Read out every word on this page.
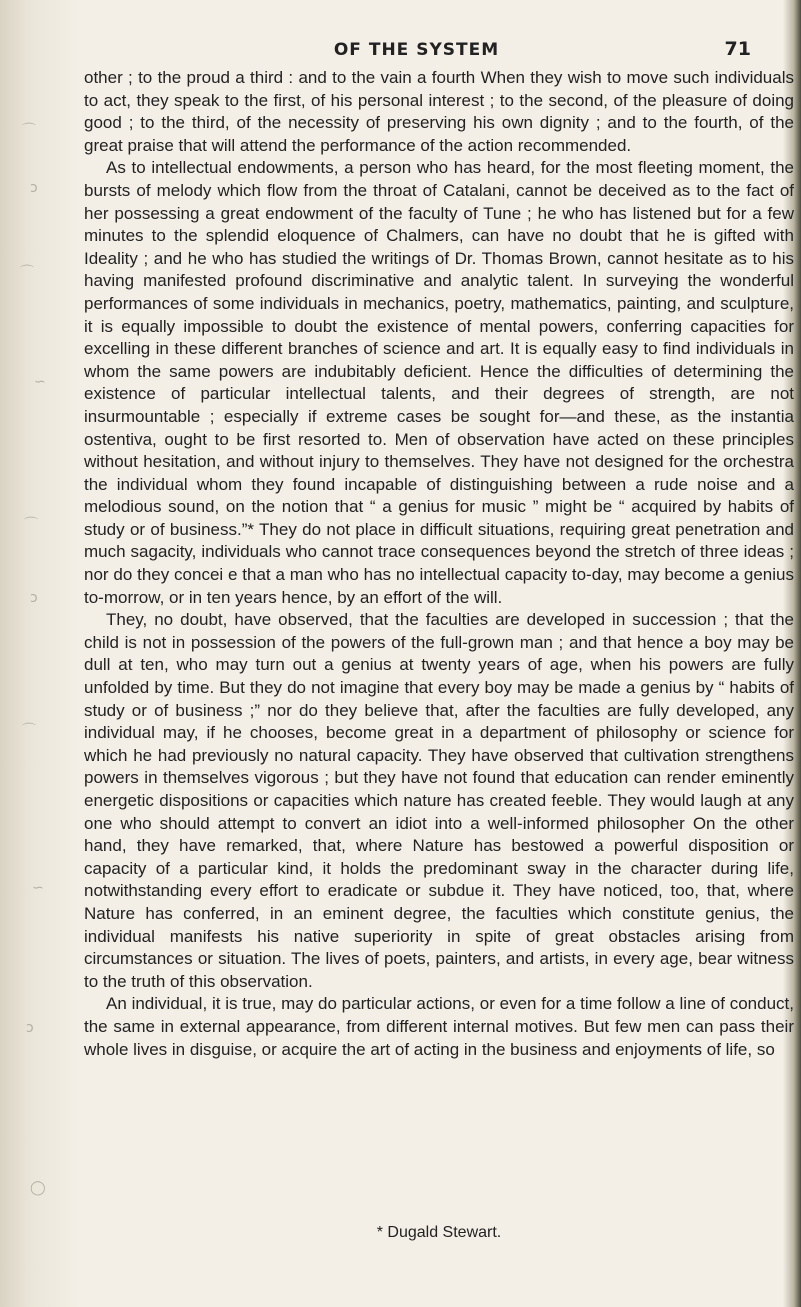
⌒
ↄ
⌒
∽
⌒
ↄ
⌒
∽
ↄ
◯
OF THE SYSTEM	71

other ; to the proud a third : and to the vain a fourth When they wish to move such individuals to act, they speak to the first, of his personal interest ; to the second, of the pleasure of doing good ; to the third, of the necessity of preserving his own dignity ; and to the fourth, of the great praise that will attend the performance of the action recommended.

As to intellectual endowments, a person who has heard, for the most fleeting moment, the bursts of melody which flow from the throat of Catalani, cannot be deceived as to the fact of her possessing a great endowment of the faculty of Tune ; he who has listened but for a few minutes to the splendid eloquence of Chalmers, can have no doubt that he is gifted with Ideality ; and he who has studied the writings of Dr. Thomas Brown, cannot hesitate as to his having manifested profound discriminative and analytic talent. In surveying the wonderful performances of some individuals in mechanics, poetry, mathematics, painting, and sculpture, it is equally impossible to doubt the existence of mental powers, conferring capacities for excelling in these different branches of science and art. It is equally easy to find individuals in whom the same powers are indubitably deficient. Hence the difficulties of determining the existence of particular intellectual talents, and their degrees of strength, are not insurmountable ; especially if extreme cases be sought for—and these, as the instantia ostentiva, ought to be first resorted to. Men of observation have acted on these principles without hesitation, and without injury to themselves. They have not designed for the orchestra the individual whom they found incapable of distinguishing between a rude noise and a melodious sound, on the notion that “ a genius for music ” might be “ acquired by habits of study or of business.”* They do not place in difficult situations, requiring great penetration and much sagacity, individuals who cannot trace consequences beyond the stretch of three ideas ; nor do they concei e that a man who has no intellectual capacity to-day, may become a genius to-morrow, or in ten years hence, by an effort of the will.

They, no doubt, have observed, that the faculties are developed in succession ; that the child is not in possession of the powers of the full-grown man ; and that hence a boy may be dull at ten, who may turn out a genius at twenty years of age, when his powers are fully unfolded by time. But they do not imagine that every boy may be made a genius by “ habits of study or of business ;” nor do they believe that, after the faculties are fully developed, any individual may, if he chooses, become great in a department of philosophy or science for which he had previously no natural capacity. They have observed that cultivation strengthens powers in themselves vigorous ; but they have not found that education can render eminently energetic dispositions or capacities which nature has created feeble. They would laugh at any one who should attempt to convert an idiot into a well-informed philosopher On the other hand, they have remarked, that, where Nature has bestowed a powerful disposition or capacity of a particular kind, it holds the predominant sway in the character during life, notwithstanding every effort to eradicate or subdue it. They have noticed, too, that, where Nature has conferred, in an eminent degree, the faculties which constitute genius, the individual manifests his native superiority in spite of great obstacles arising from circumstances or situation. The lives of poets, painters, and artists, in every age, bear witness to the truth of this observation.

An individual, it is true, may do particular actions, or even for a time follow a line of conduct, the same in external appearance, from different internal motives. But few men can pass their whole lives in disguise, or acquire the art of acting in the business and enjoyments of life, so

* Dugald Stewart.
